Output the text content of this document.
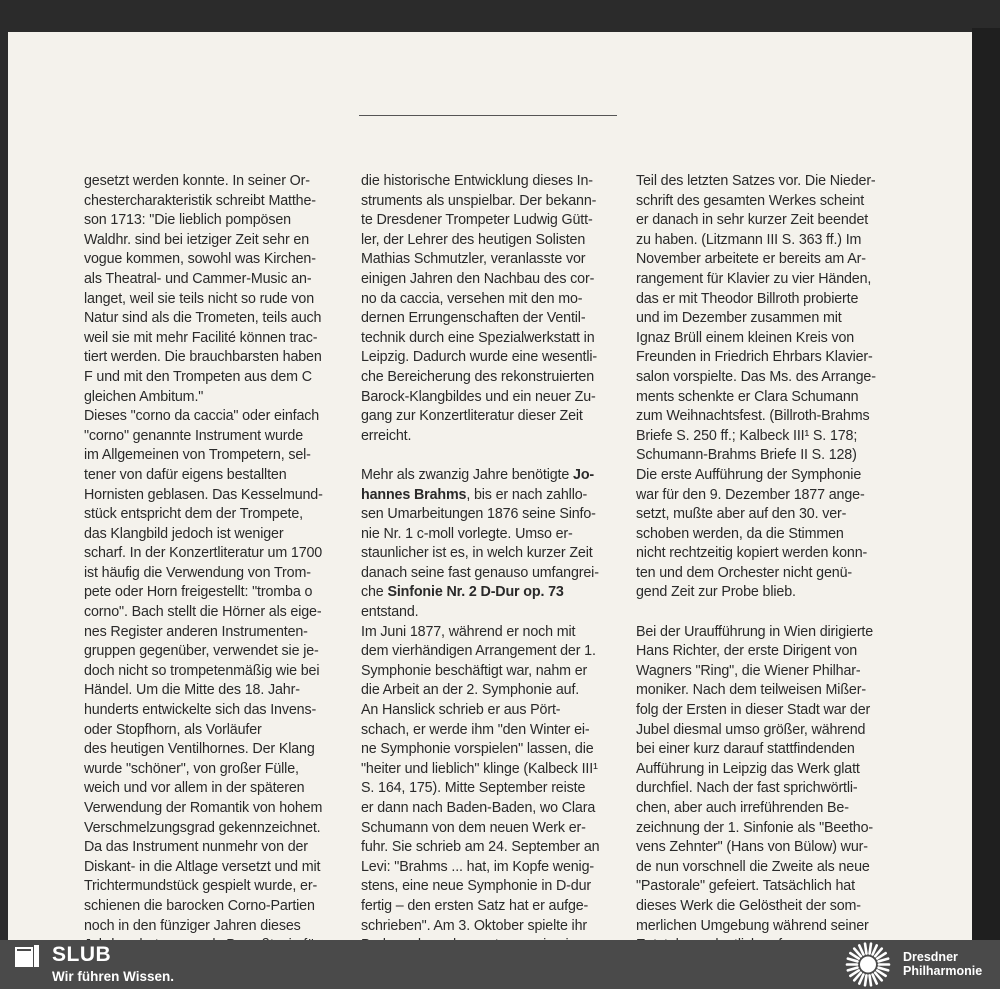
gesetzt werden konnte. In seiner Or-
chestercharakteristik schreibt Matthe-
son 1713: "Die lieblich pompösen
Waldhr. sind bei ietziger Zeit sehr en
vogue kommen, sowohl was Kirchen-
als Theatral- und Cammer-Music an-
langet, weil sie teils nicht so rude von
Natur sind als die Trometen, teils auch
weil sie mit mehr Facilité können trac-
tiert werden. Die brauchbarsten haben
F und mit den Trompeten aus dem C
gleichen Ambitum."
Dieses "corno da caccia" oder einfach
"corno" genannte Instrument wurde
im Allgemeinen von Trompetern, sel-
tener von dafür eigens bestallten
Hornisten geblasen. Das Kesselmund-
stück entspricht dem der Trompete,
das Klangbild jedoch ist weniger
scharf. In der Konzertliteratur um 1700
ist häufig die Verwendung von Trom-
pete oder Horn freigestellt: "tromba o
corno". Bach stellt die Hörner als eige-
nes Register anderen Instrumenten-
gruppen gegenüber, verwendet sie je-
doch nicht so trompetenmäßig wie bei
Händel. Um die Mitte des 18. Jahr-
hunderts entwickelte sich das Invens-
oder Stopfhorn, als Vorläufer
des heutigen Ventilhornes. Der Klang
wurde "schöner", von großer Fülle,
weich und vor allem in der späteren
Verwendung der Romantik von hohem
Verschmelzungsgrad gekennzeichnet.
Da das Instrument nunmehr von der
Diskant- in die Altlage versetzt und mit
Trichtermundstück gespielt wurde, er-
schienen die barocken Corno-Partien
noch in den fünziger Jahren dieses
die historische Entwicklung dieses In-
struments als unspielbar. Der bekann-
te Dresdener Trompeter Ludwig Gütt-
ler, der Lehrer des heutigen Solisten
Mathias Schmutzler, veranlasste vor
einigen Jahren den Nachbau des cor-
no da caccia, versehen mit den mo-
dernen Errungenschaften der Ventil-
technik durch eine Spezialwerkstatt in
Leipzig. Dadurch wurde eine wesentli-
che Bereicherung des rekonstruierten
Barock-Klangbildes und ein neuer Zu-
gang zur Konzertliteratur dieser Zeit
erreicht.
Mehr als zwanzig Jahre benötigte Jo-
hannes Brahms, bis er nach zahllo-
sen Umarbeitungen 1876 seine Sinfo-
nie Nr. 1 c-moll vorlegte. Umso er-
staunlicher ist es, in welch kurzer Zeit
danach seine fast genauso umfangrei-
che Sinfonie Nr. 2 D-Dur op. 73
entstand.
Im Juni 1877, während er noch mit
dem vierhändigen Arrangement der 1.
Symphonie beschäftigt war, nahm er
die Arbeit an der 2. Symphonie auf.
An Hanslick schrieb er aus Pört-
schach, er werde ihm "den Winter ei-
ne Symphonie vorspielen" lassen, die
"heiter und lieblich" klinge (Kalbeck III¹
S. 164, 175). Mitte September reiste
er dann nach Baden-Baden, wo Clara
Schumann von dem neuen Werk er-
fuhr. Sie schrieb am 24. September an
Levi: "Brahms ... hat, im Kopfe wenig-
stens, eine neue Symphonie in D-dur
fertig – den ersten Satz hat er aufge-
schrieben". Am 3. Oktober spielte ihr
Teil des letzten Satzes vor. Die Nieder-
schrift des gesamten Werkes scheint
er danach in sehr kurzer Zeit beendet
zu haben. (Litzmann III S. 363 ff.) Im
November arbeitete er bereits am Ar-
rangement für Klavier zu vier Händen,
das er mit Theodor Billroth probierte
und im Dezember zusammen mit
Ignaz Brüll einem kleinen Kreis von
Freunden in Friedrich Ehrbars Klavier-
salon vorspielte. Das Ms. des Arrange-
ments schenkte er Clara Schumann
zum Weihnachtsfest. (Billroth-Brahms
Briefe S. 250 ff.; Kalbeck III¹ S. 178;
Schumann-Brahms Briefe II S. 128)
Die erste Aufführung der Symphonie
war für den 9. Dezember 1877 ange-
setzt, mußte aber auf den 30. ver-
schoben werden, da die Stimmen
nicht rechtzeitig kopiert werden konn-
ten und dem Orchester nicht genü-
gend Zeit zur Probe blieb.
Bei der Uraufführung in Wien dirigierte
Hans Richter, der erste Dirigent von
Wagners "Ring", die Wiener Philhar-
moniker. Nach dem teilweisen Mißer-
folg der Ersten in dieser Stadt war der
Jubel diesmal umso größer, während
bei einer kurz darauf stattfindenden
Aufführung in Leipzig das Werk glatt
durchfiel. Nach der fast sprichwörtli-
chen, aber auch irreführenden Be-
zeichnung der 1. Sinfonie als "Beetho-
vens Zehnter" (Hans von Bülow) wur-
de nun vorschnell die Zweite als neue
"Pastorale" gefeiert. Tatsächlich hat
dieses Werk die Gelöstheit der som-
merlichen Umgebung während seiner
SLUB
Wir führen Wissen.
Dresdner
Philharmonie
